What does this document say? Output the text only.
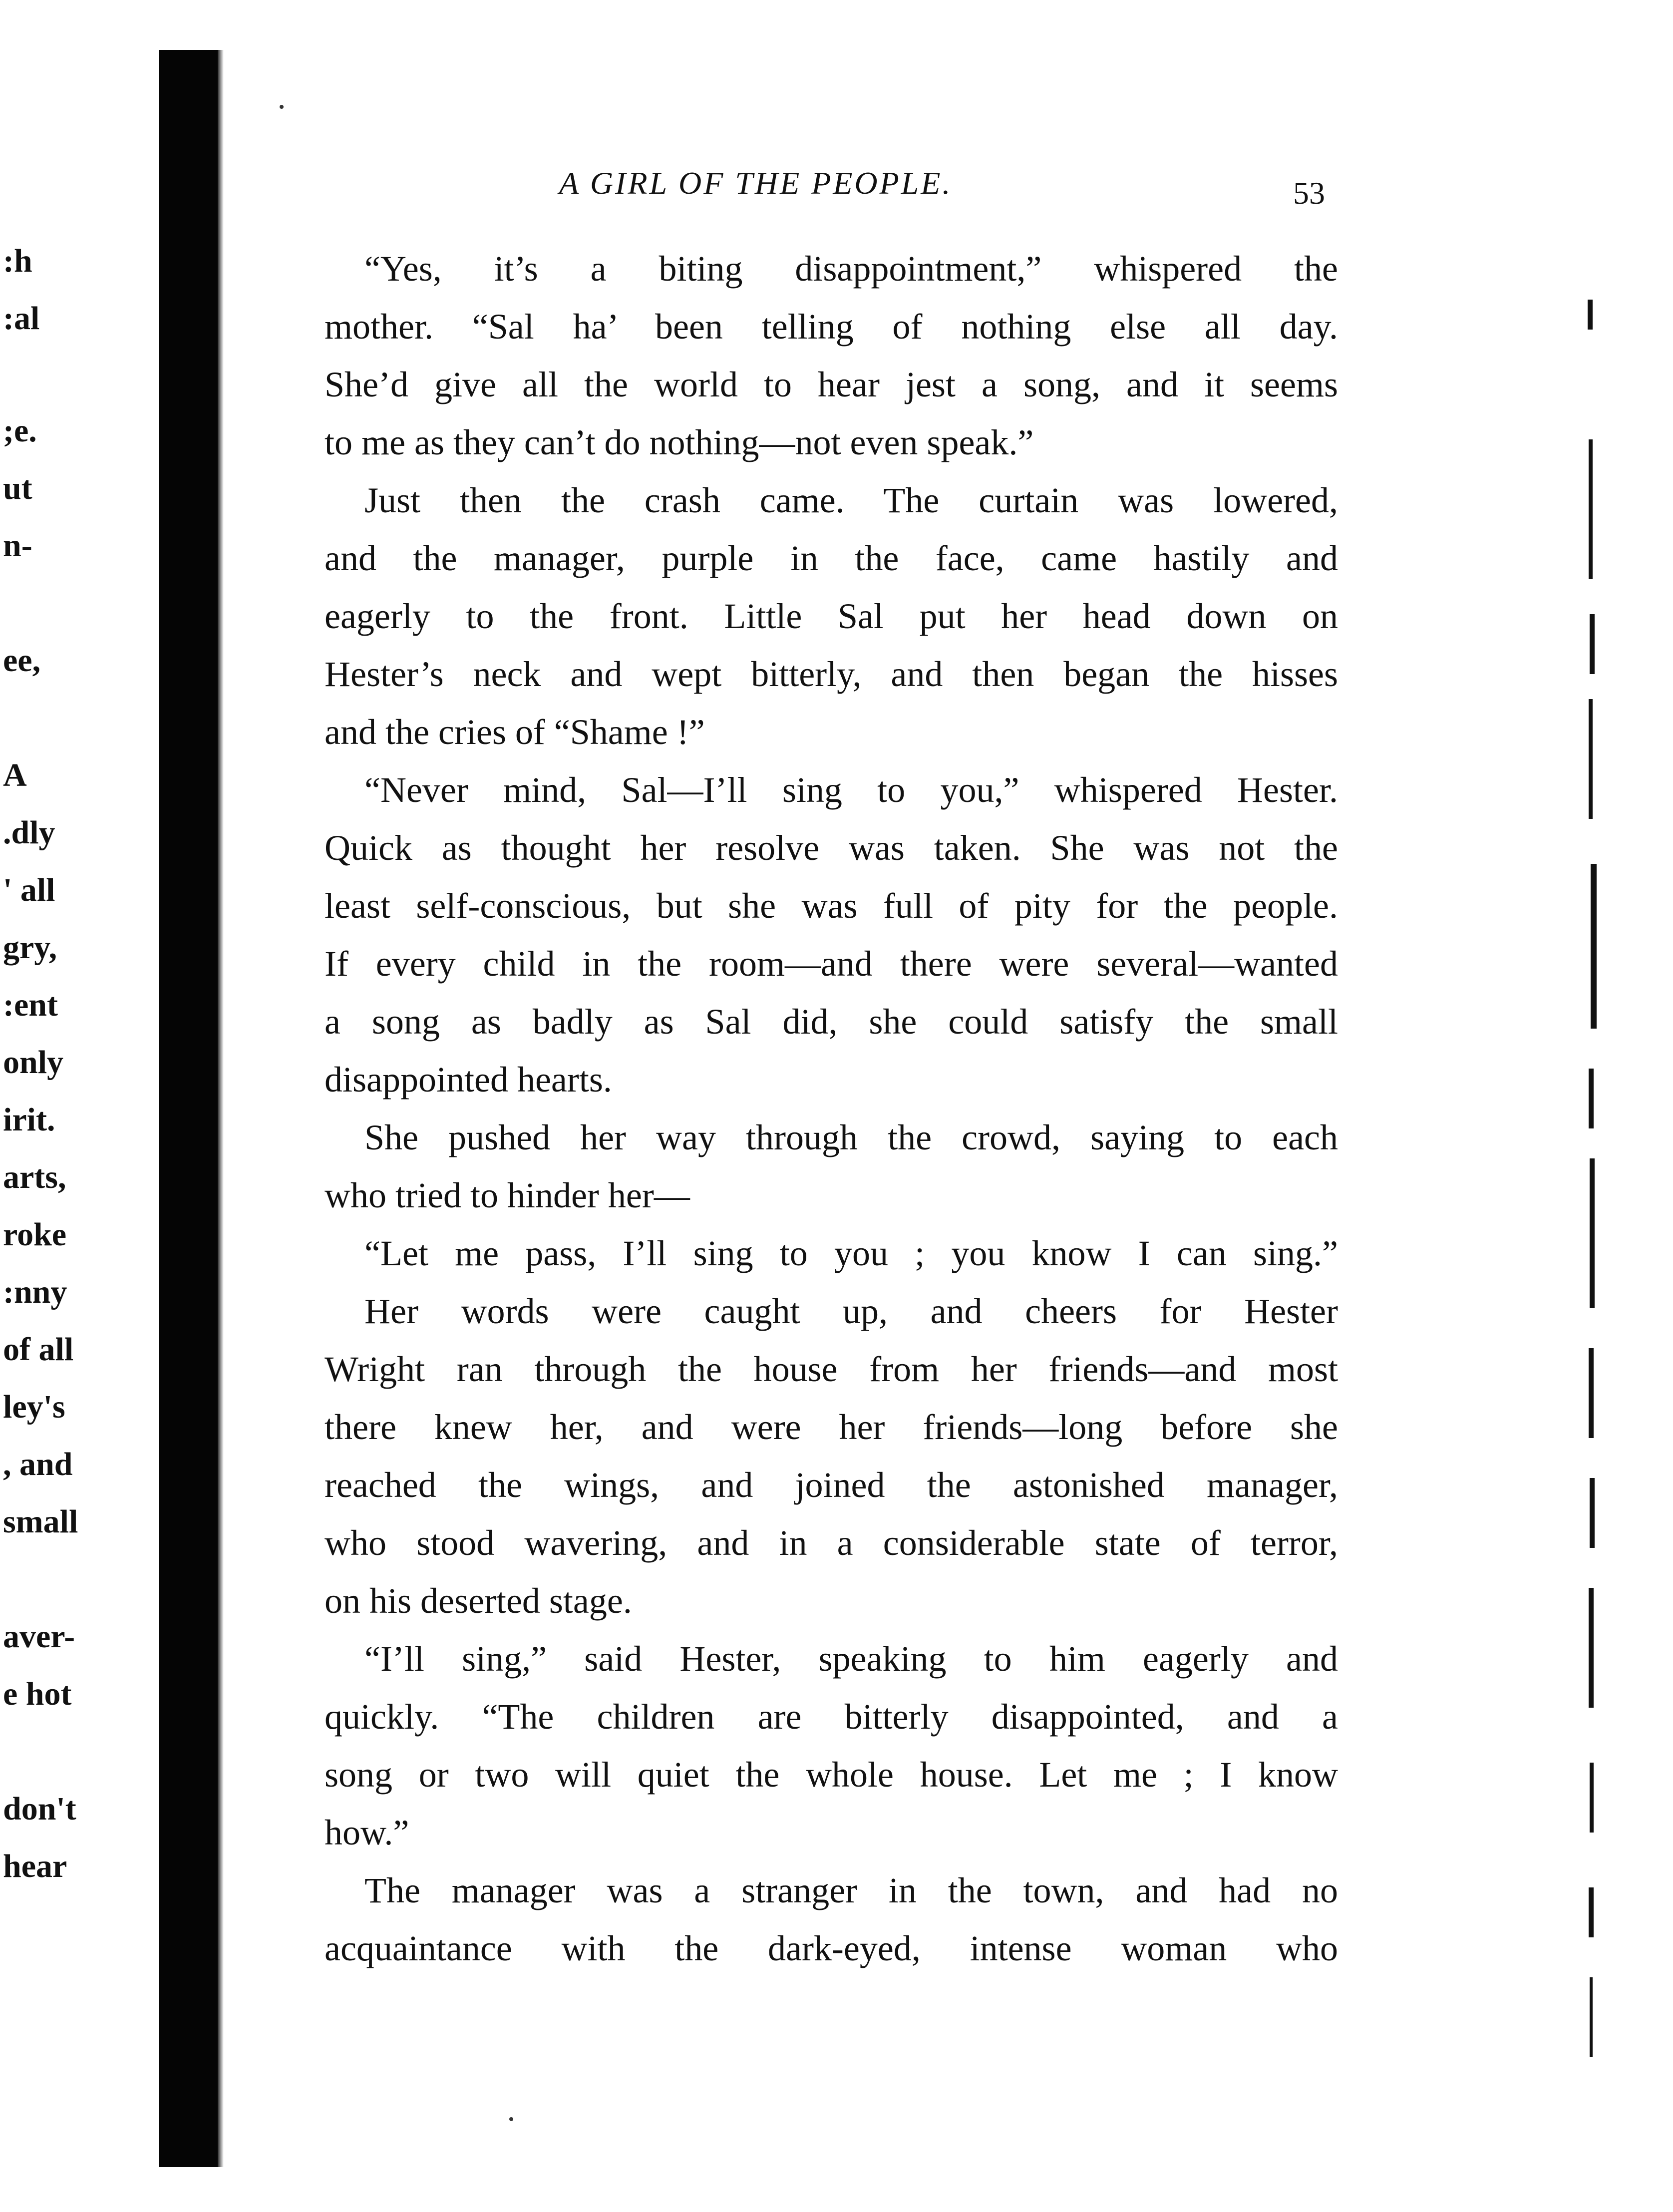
:h
:al
;e.
ut
n-
ee,
A
.dly
' all
gry,
:ent
only
irit.
arts,
roke
:nny
of all
ley's
, and
small
aver-
e hot
don't
hear
A GIRL OF THE PEOPLE.	53
“Yes, it’s a biting disappointment,” whispered the
mother. “Sal ha’ been telling of nothing else all day.
She’d give all the world to hear jest a song, and it seems
to me as they can’t do nothing—not even speak.”
Just then the crash came. The curtain was lowered,
and the manager, purple in the face, came hastily and
eagerly to the front. Little Sal put her head down on
Hester’s neck and wept bitterly, and then began the hisses
and the cries of “Shame !”
“Never mind, Sal—I’ll sing to you,” whispered Hester.
Quick as thought her resolve was taken. She was not the
least self-conscious, but she was full of pity for the people.
If every child in the room—and there were several—wanted
a song as badly as Sal did, she could satisfy the small
disappointed hearts.
She pushed her way through the crowd, saying to each
who tried to hinder her—
“Let me pass, I’ll sing to you ; you know I can sing.”
Her words were caught up, and cheers for Hester
Wright ran through the house from her friends—and most
there knew her, and were her friends—long before she
reached the wings, and joined the astonished manager,
who stood wavering, and in a considerable state of terror,
on his deserted stage.
“I’ll sing,” said Hester, speaking to him eagerly and
quickly. “The children are bitterly disappointed, and a
song or two will quiet the whole house. Let me ; I know
how.”
The manager was a stranger in the town, and had no
acquaintance with the dark-eyed, intense woman who
